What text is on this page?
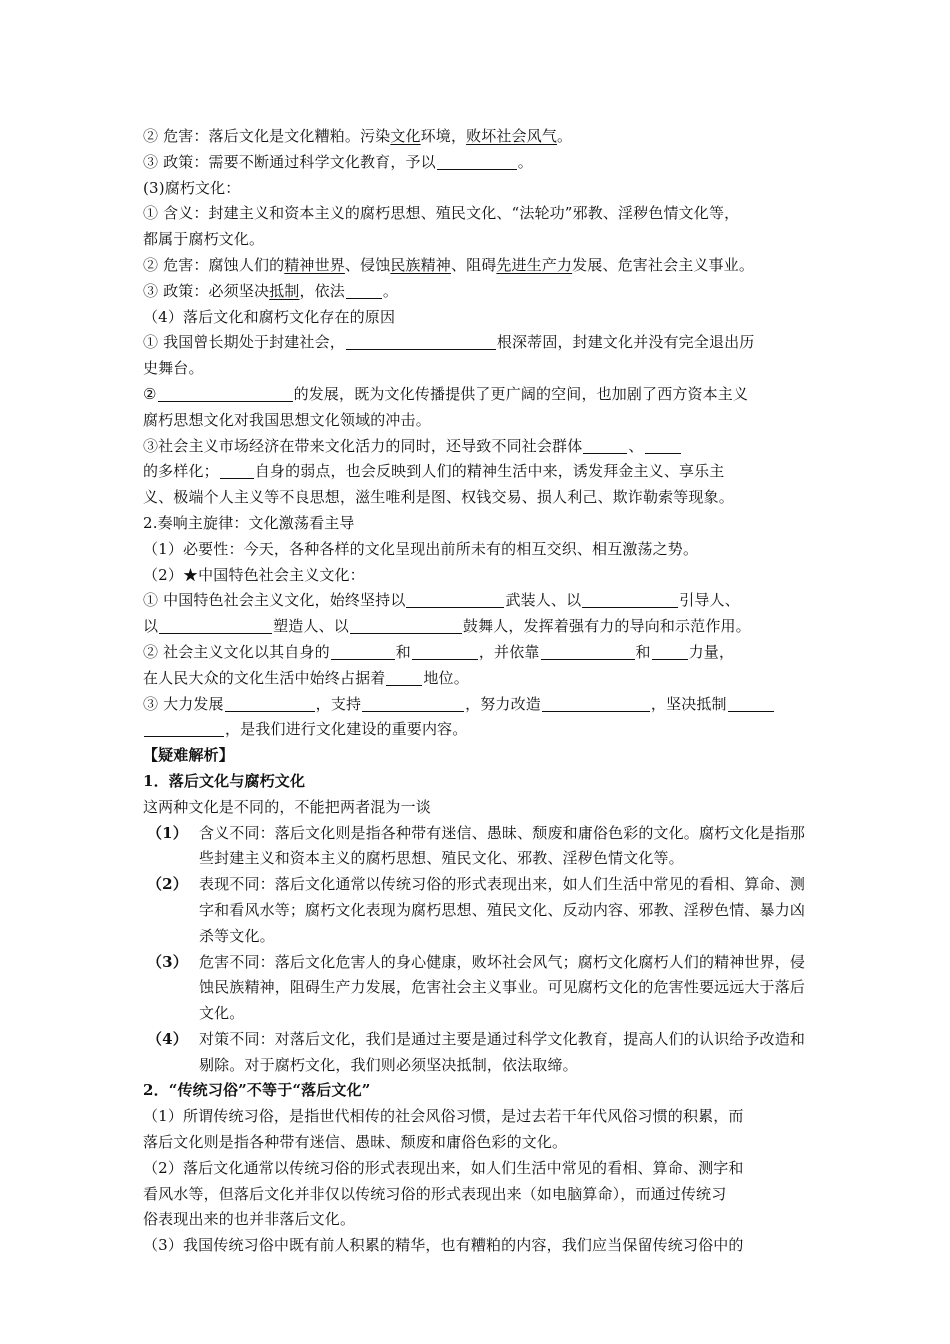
② 危害：落后文化是文化糟粕。污染文化环境，败坏社会风气。
③ 政策：需要不断通过科学文化教育，予以	。
(3)腐朽文化：
① 含义：封建主义和资本主义的腐朽思想、殖民文化、“法轮功”邪教、淫秽色情文化等，
都属于腐朽文化。
② 危害：腐蚀人们的精神世界、侵蚀民族精神、阻碍先进生产力发展、危害社会主义事业。
③ 政策：必须坚决抵制，依法	。
（4）落后文化和腐朽文化存在的原因
① 我国曾长期处于封建社会，	根深蒂固，封建文化并没有完全退出历
史舞台。
②	的发展，既为文化传播提供了更广阔的空间，也加剧了西方资本主义
腐朽思想文化对我国思想文化领域的冲击。
③社会主义市场经济在带来文化活力的同时，还导致不同社会群体	、
的多样化； 自身的弱点，也会反映到人们的精神生活中来，诱发拜金主义、享乐主
义、极端个人主义等不良思想，滋生唯利是图、权钱交易、损人利己、欺诈勒索等现象。
2.奏响主旋律：文化激荡看主导
（1）必要性：今天，各种各样的文化呈现出前所未有的相互交织、相互激荡之势。
（2）★中国特色社会主义文化：
① 中国特色社会主义文化，始终坚持以	武装人、以	引导人、
以	塑造人、以	鼓舞人，发挥着强有力的导向和示范作用。
② 社会主义文化以其自身的	和	，并依靠	和	力量，
在人民大众的文化生活中始终占据着	地位。
③ 大力发展	，支持	，努力改造	，坚决抵制
，是我们进行文化建设的重要内容。
【疑难解析】
1．落后文化与腐朽文化
这两种文化是不同的，不能把两者混为一谈
（1） 含义不同：落后文化则是指各种带有迷信、愚昧、颓废和庸俗色彩的文化。腐朽文化是指那些封建主义和资本主义的腐朽思想、殖民文化、邪教、淫秽色情文化等。
（2） 表现不同：落后文化通常以传统习俗的形式表现出来，如人们生活中常见的看相、算命、测字和看风水等；腐朽文化表现为腐朽思想、殖民文化、反动内容、邪教、淫秽色情、暴力凶杀等文化。
（3） 危害不同：落后文化危害人的身心健康，败坏社会风气；腐朽文化腐朽人们的精神世界，侵蚀民族精神，阻碍生产力发展，危害社会主义事业。可见腐朽文化的危害性要远远大于落后文化。
（4） 对策不同：对落后文化，我们是通过主要是通过科学文化教育，提高人们的认识给予改造和剔除。对于腐朽文化，我们则必须坚决抵制，依法取缔。
2．“传统习俗”不等于“落后文化”
（1）所谓传统习俗，是指世代相传的社会风俗习惯，是过去若干年代风俗习惯的积累，而
落后文化则是指各种带有迷信、愚昧、颓废和庸俗色彩的文化。
（2）落后文化通常以传统习俗的形式表现出来，如人们生活中常见的看相、算命、测字和
看风水等，但落后文化并非仅以传统习俗的形式表现出来（如电脑算命），而通过传统习
俗表现出来的也并非落后文化。
（3）我国传统习俗中既有前人积累的精华，也有糟粕的内容，我们应当保留传统习俗中的
